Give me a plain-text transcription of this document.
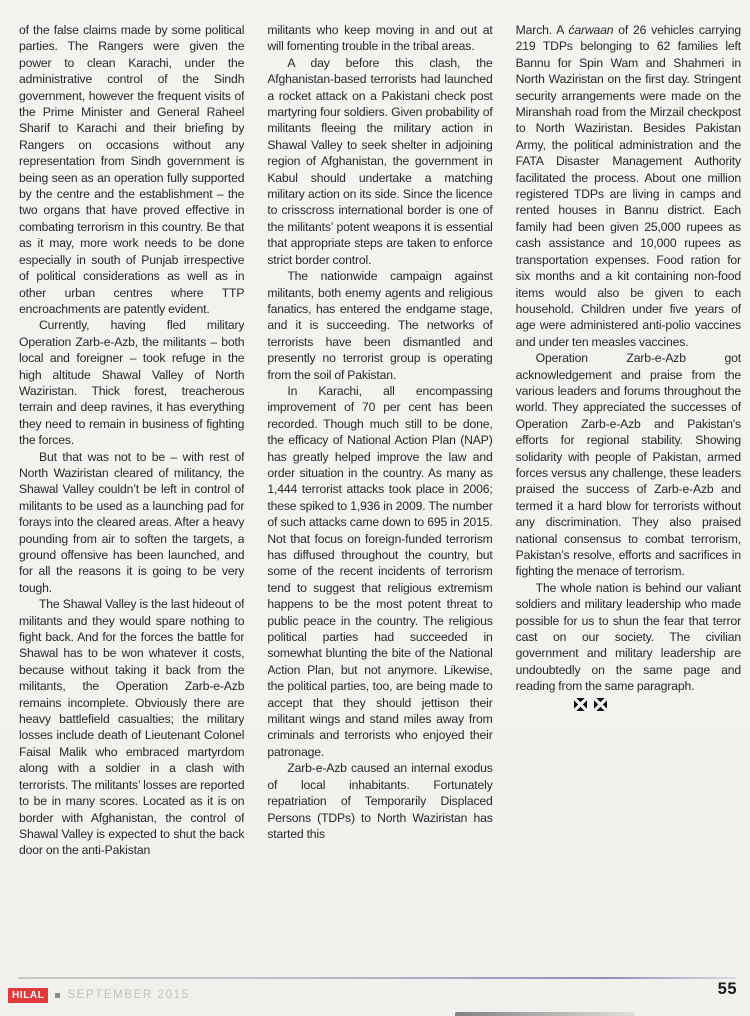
of the false claims made by some political parties. The Rangers were given the power to clean Karachi, under the administrative control of the Sindh government, however the frequent visits of the Prime Minister and General Raheel Sharif to Karachi and their briefing by Rangers on occasions without any representation from Sindh government is being seen as an operation fully supported by the centre and the establishment – the two organs that have proved effective in combating terrorism in this country. Be that as it may, more work needs to be done especially in south of Punjab irrespective of political considerations as well as in other urban centres where TTP encroachments are patently evident.

Currently, having fled military Operation Zarb-e-Azb, the militants – both local and foreigner – took refuge in the high altitude Shawal Valley of North Waziristan. Thick forest, treacherous terrain and deep ravines, it has everything they need to remain in business of fighting the forces.

But that was not to be – with rest of North Waziristan cleared of militancy, the Shawal Valley couldn’t be left in control of militants to be used as a launching pad for forays into the cleared areas. After a heavy pounding from air to soften the targets, a ground offensive has been launched, and for all the reasons it is going to be very tough.

The Shawal Valley is the last hideout of militants and they would spare nothing to fight back. And for the forces the battle for Shawal has to be won whatever it costs, because without taking it back from the militants, the Operation Zarb-e-Azb remains incomplete. Obviously there are heavy battlefield casualties; the military losses include death of Lieutenant Colonel Faisal Malik who embraced martyrdom along with a soldier in a clash with terrorists. The militants’ losses are reported to be in many scores. Located as it is on border with Afghanistan, the control of Shawal Valley is expected to shut the back door on the anti-Pakistan

militants who keep moving in and out at will fomenting trouble in the tribal areas.

A day before this clash, the Afghanistan-based terrorists had launched a rocket attack on a Pakistani check post martyring four soldiers. Given probability of militants fleeing the military action in Shawal Valley to seek shelter in adjoining region of Afghanistan, the government in Kabul should undertake a matching military action on its side. Since the licence to crisscross international border is one of the militants’ potent weapons it is essential that appropriate steps are taken to enforce strict border control.

The nationwide campaign against militants, both enemy agents and religious fanatics, has entered the endgame stage, and it is succeeding. The networks of terrorists have been dismantled and presently no terrorist group is operating from the soil of Pakistan.

In Karachi, all encompassing improvement of 70 per cent has been recorded. Though much still to be done, the efficacy of National Action Plan (NAP) has greatly helped improve the law and order situation in the country. As many as 1,444 terrorist attacks took place in 2006; these spiked to 1,936 in 2009. The number of such attacks came down to 695 in 2015. Not that focus on foreign-funded terrorism has diffused throughout the country, but some of the recent incidents of terrorism tend to suggest that religious extremism happens to be the most potent threat to public peace in the country. The religious political parties had succeeded in somewhat blunting the bite of the National Action Plan, but not anymore. Likewise, the political parties, too, are being made to accept that they should jettison their militant wings and stand miles away from criminals and terrorists who enjoyed their patronage.

Zarb-e-Azb caused an internal exodus of local inhabitants. Fortunately repatriation of Temporarily Displaced Persons (TDPs) to North Waziristan has started this

March. A ćarwaan of 26 vehicles carrying 219 TDPs belonging to 62 families left Bannu for Spin Wam and Shahmeri in North Waziristan on the first day. Stringent security arrangements were made on the Miranshah road from the Mirzail checkpost to North Waziristan. Besides Pakistan Army, the political administration and the FATA Disaster Management Authority facilitated the process. About one million registered TDPs are living in camps and rented houses in Bannu district. Each family had been given 25,000 rupees as cash assistance and 10,000 rupees as transportation expenses. Food ration for six months and a kit containing non-food items would also be given to each household. Children under five years of age were administered anti-polio vaccines and under ten measles vaccines.

Operation Zarb-e-Azb got acknowledgement and praise from the various leaders and forums throughout the world. They appreciated the successes of Operation Zarb-e-Azb and Pakistan's efforts for regional stability. Showing solidarity with people of Pakistan, armed forces versus any challenge, these leaders praised the success of Zarb-e-Azb and termed it a hard blow for terrorists without any discrimination. They also praised national consensus to combat terrorism, Pakistan’s resolve, efforts and sacrifices in fighting the menace of terrorism.

The whole nation is behind our valiant soldiers and military leadership who made possible for us to shun the fear that terror cast on our society. The civilian government and military leadership are undoubtedly on the same page and reading from the same paragraph.

HILAL	SEPTEMBER 2015	55
